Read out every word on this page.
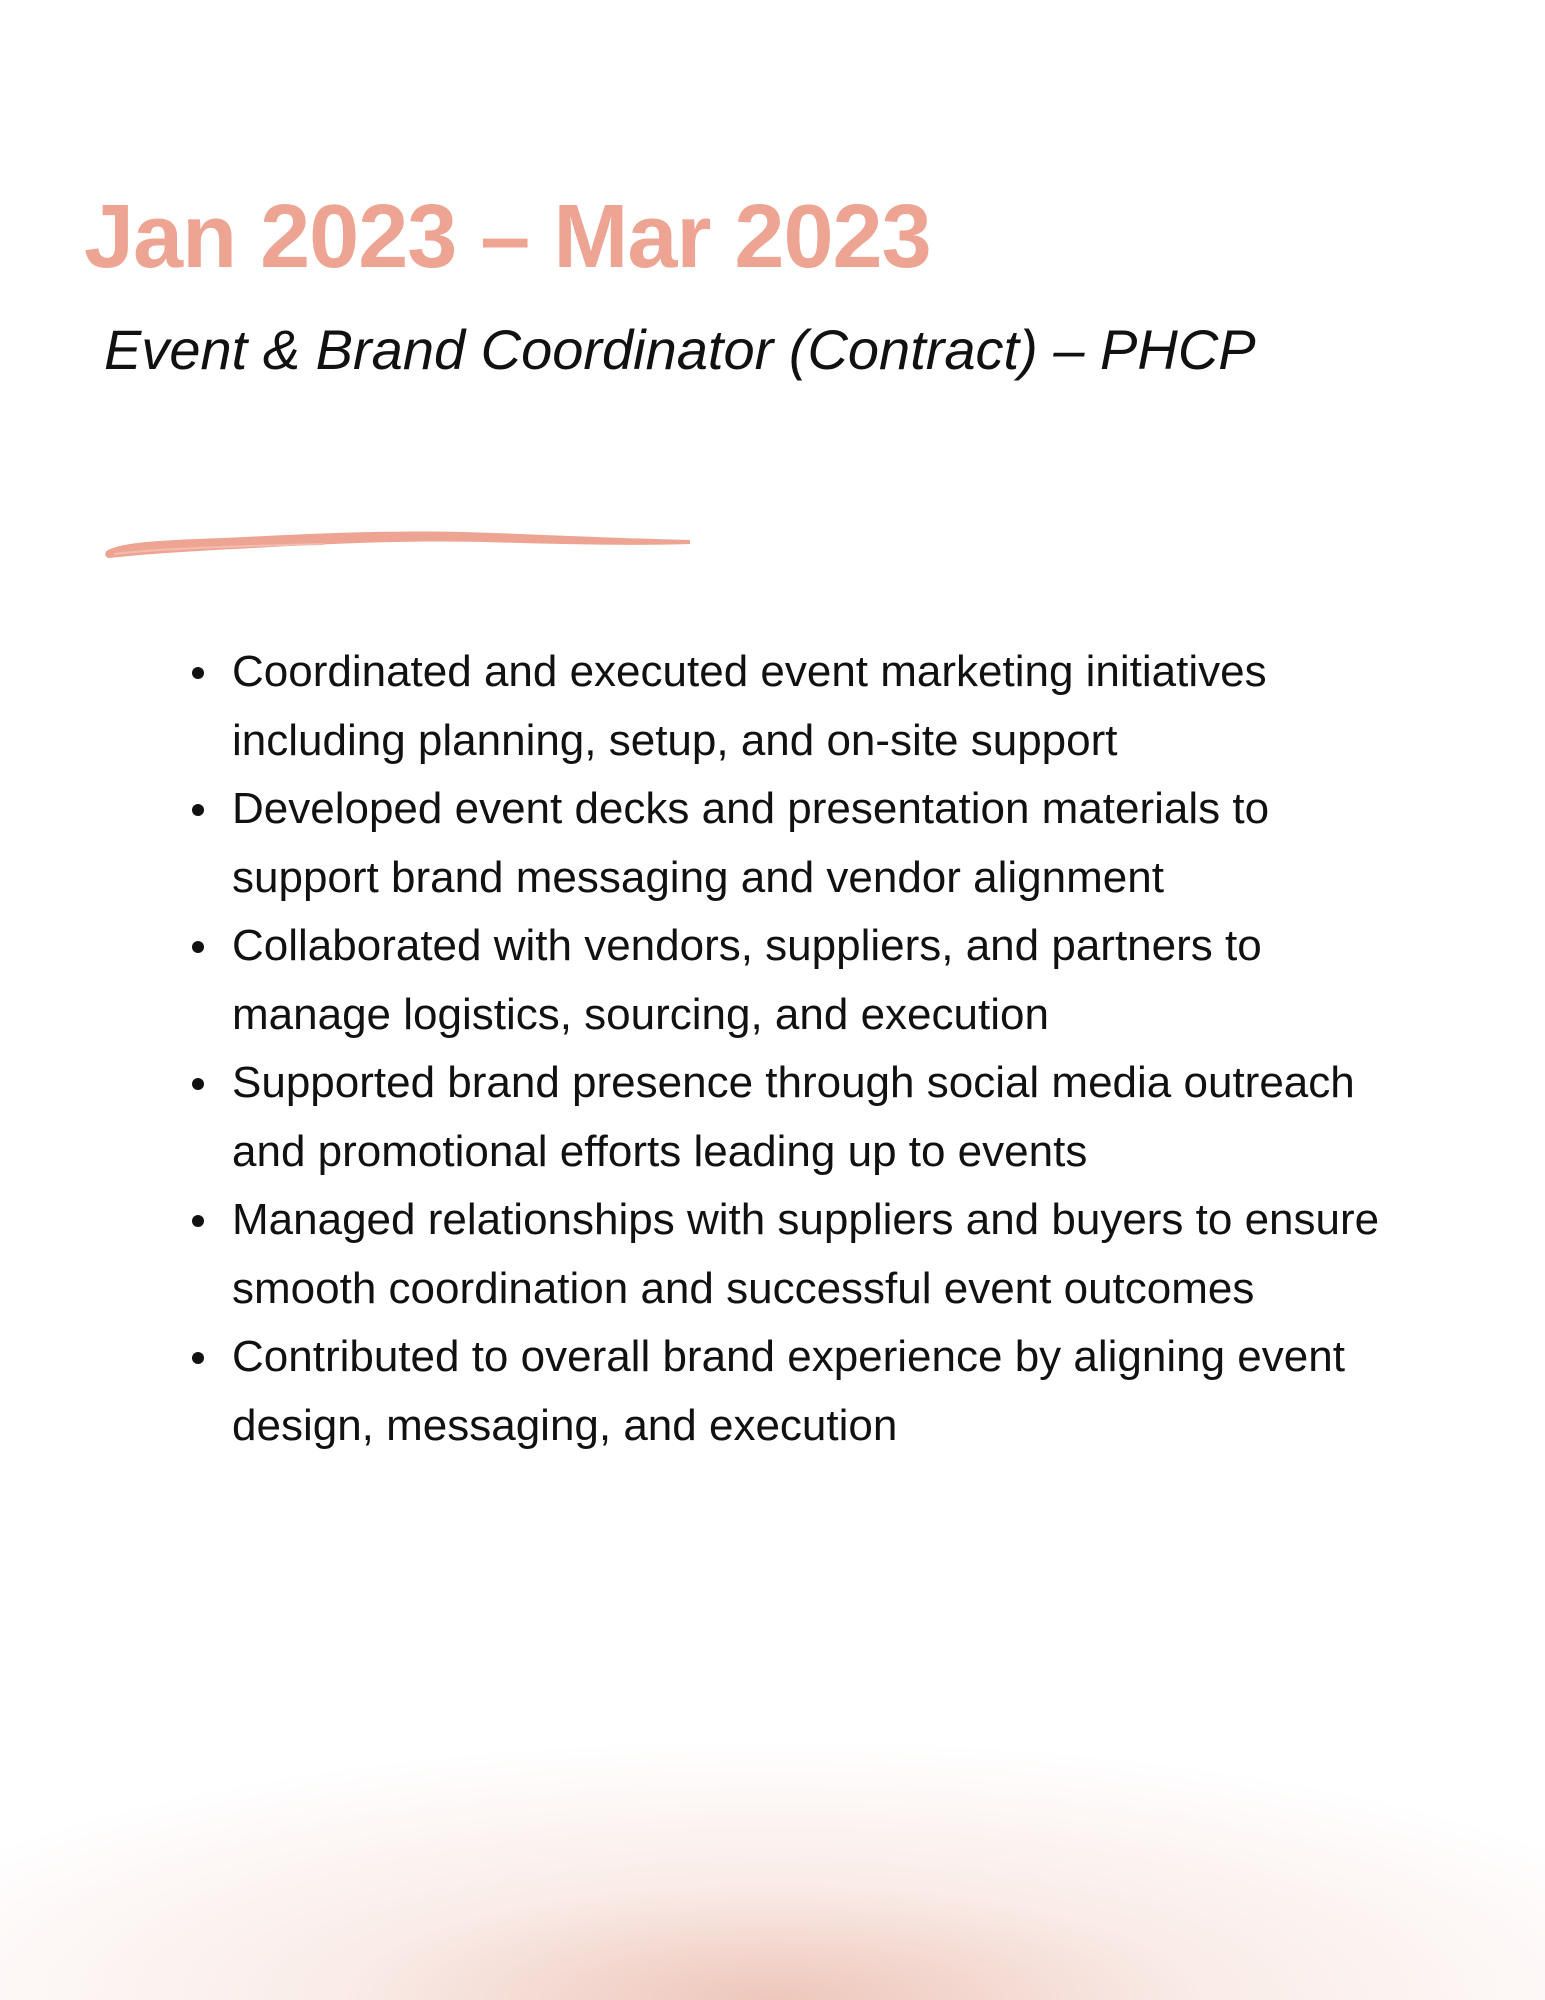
Jan 2023 – Mar 2023
Event & Brand Coordinator (Contract) – PHCP
Coordinated and executed event marketing initiatives including planning, setup, and on-site support
Developed event decks and presentation materials to support brand messaging and vendor alignment
Collaborated with vendors, suppliers, and partners to manage logistics, sourcing, and execution
Supported brand presence through social media outreach and promotional efforts leading up to events
Managed relationships with suppliers and buyers to ensure smooth coordination and successful event outcomes
Contributed to overall brand experience by aligning event design, messaging, and execution
